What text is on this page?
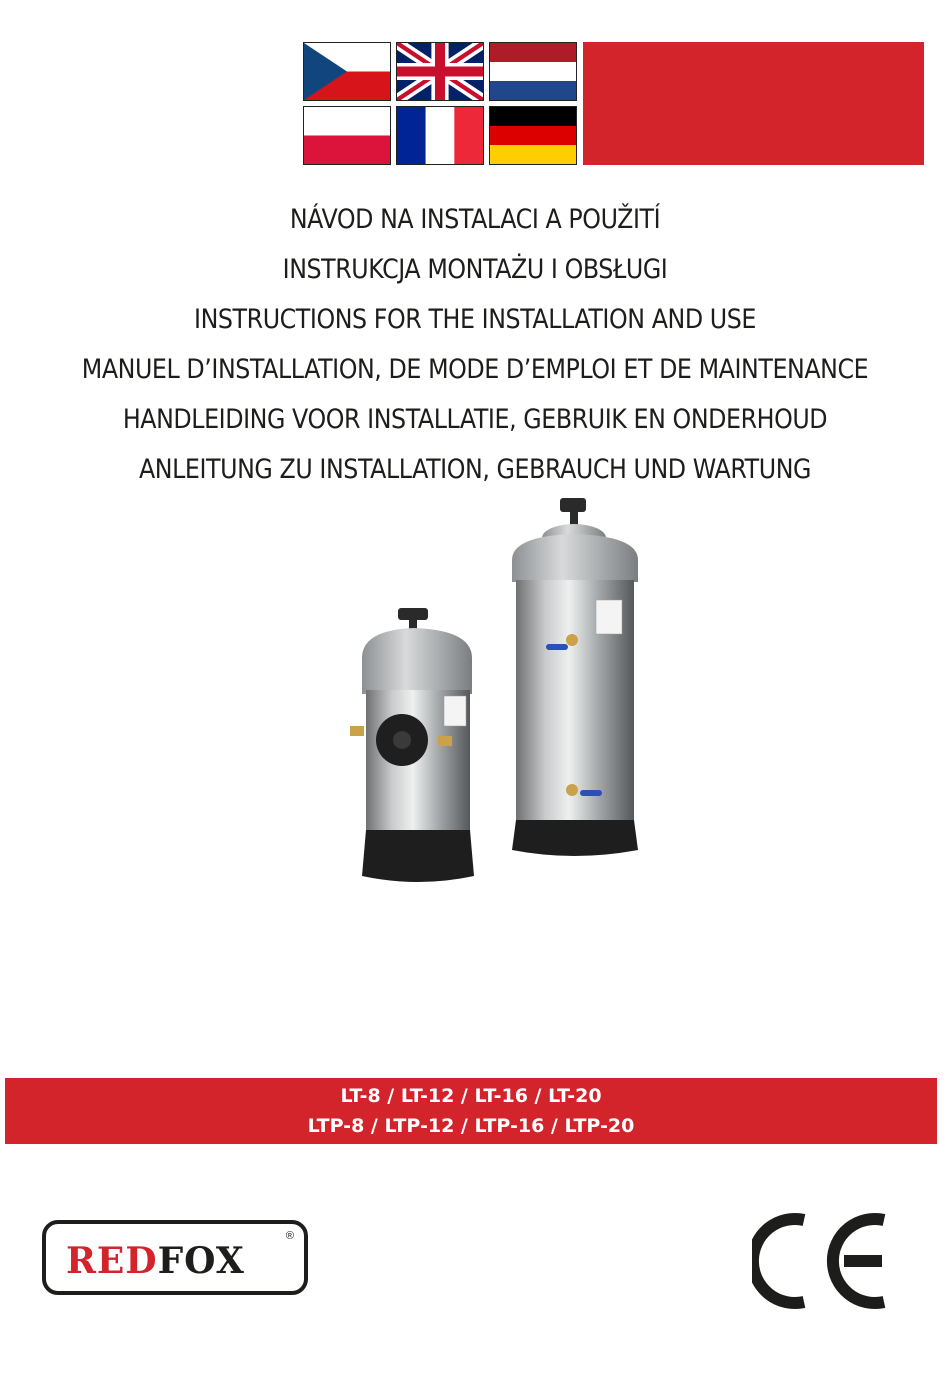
NÁVOD NA INSTALACI A POUŽITÍ
INSTRUKCJA MONTAŻU I OBSŁUGI
INSTRUCTIONS FOR THE INSTALLATION AND USE
MANUEL D’INSTALLATION, DE MODE D’EMPLOI ET DE MAINTENANCE
HANDLEIDING VOOR INSTALLATIE, GEBRUIK EN ONDERHOUD
ANLEITUNG ZU INSTALLATION, GEBRAUCH UND WARTUNG
LT-8 / LT-12 / LT-16 / LT-20
LTP-8 / LTP-12 / LTP-16 / LTP-20
REDFOX
®
